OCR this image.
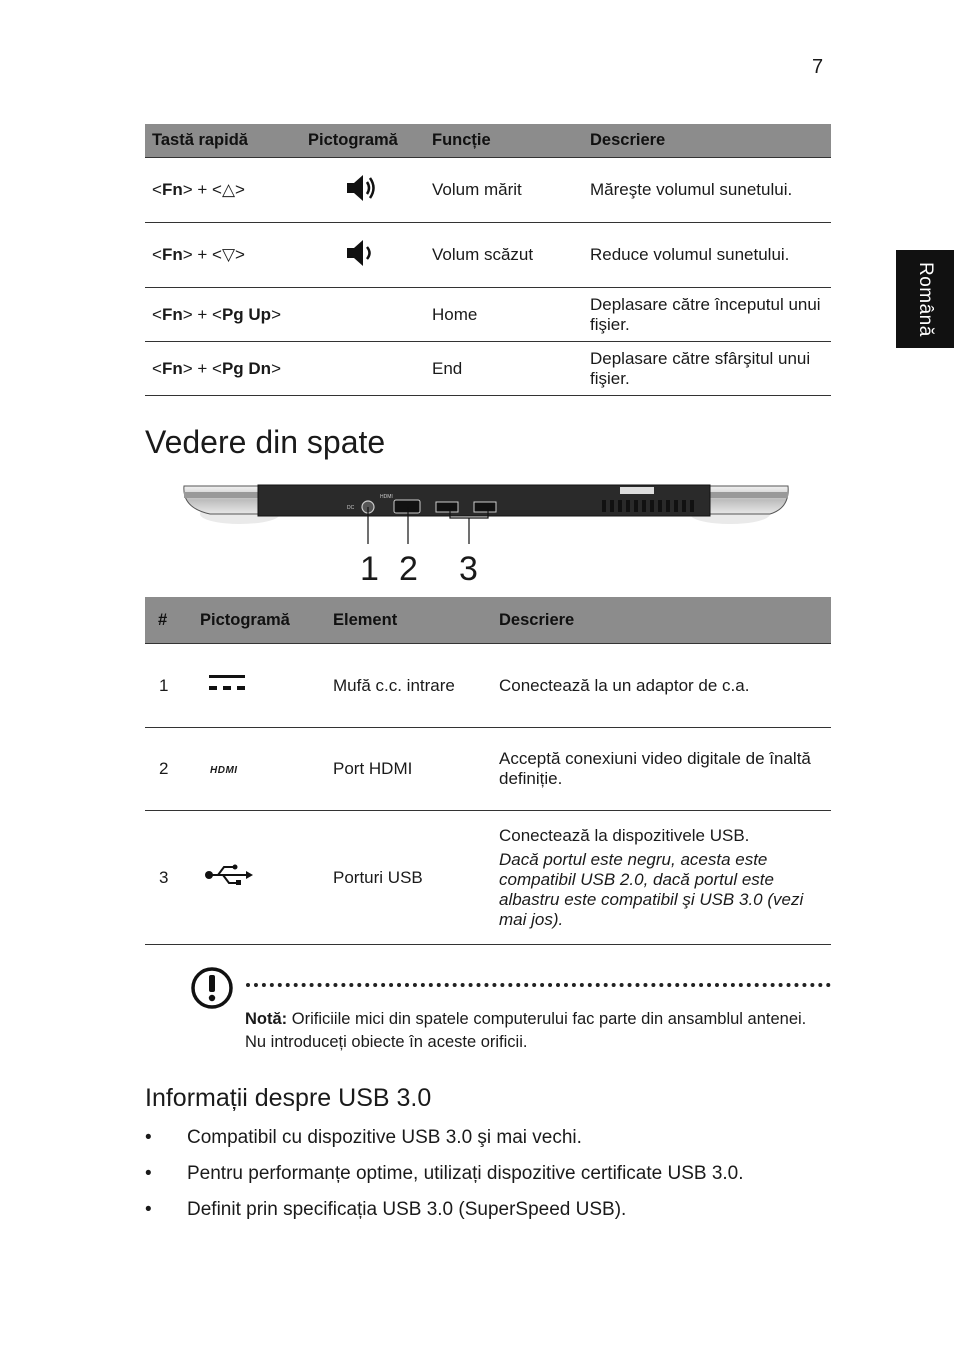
7
Română
Tastă rapidă	Pictogramă	Funcție	Descriere
<Fn> + <△>		Volum mărit	Măreşte volumul sunetului.
<Fn> + <▽>		Volum scăzut	Reduce volumul sunetului.
<Fn> + <Pg Up>		Home	Deplasare către începutul unui fişier.
<Fn> + <Pg Dn>		End	Deplasare către sfârşitul unui fişier.
Vedere din spate
DC
HDMI
1 2 3
#	Pictogramă	Element	Descriere
1		Mufă c.c. intrare	Conectează la un adaptor de c.a.
2	HDMI	Port HDMI	Acceptă conexiuni video digitale de înaltă definiție.
3		Porturi USB	Conectează la dispozitivele USB.
Dacă portul este negru, acesta este compatibil USB 2.0, dacă portul este albastru este compatibil şi USB 3.0 (vezi mai jos).
Notă: Orificiile mici din spatele computerului fac parte din ansamblul antenei. Nu introduceți obiecte în aceste orificii.
Informații despre USB 3.0
• Compatibil cu dispozitive USB 3.0 şi mai vechi.
• Pentru performanțe optime, utilizați dispozitive certificate USB 3.0.
• Definit prin specificația USB 3.0 (SuperSpeed USB).
